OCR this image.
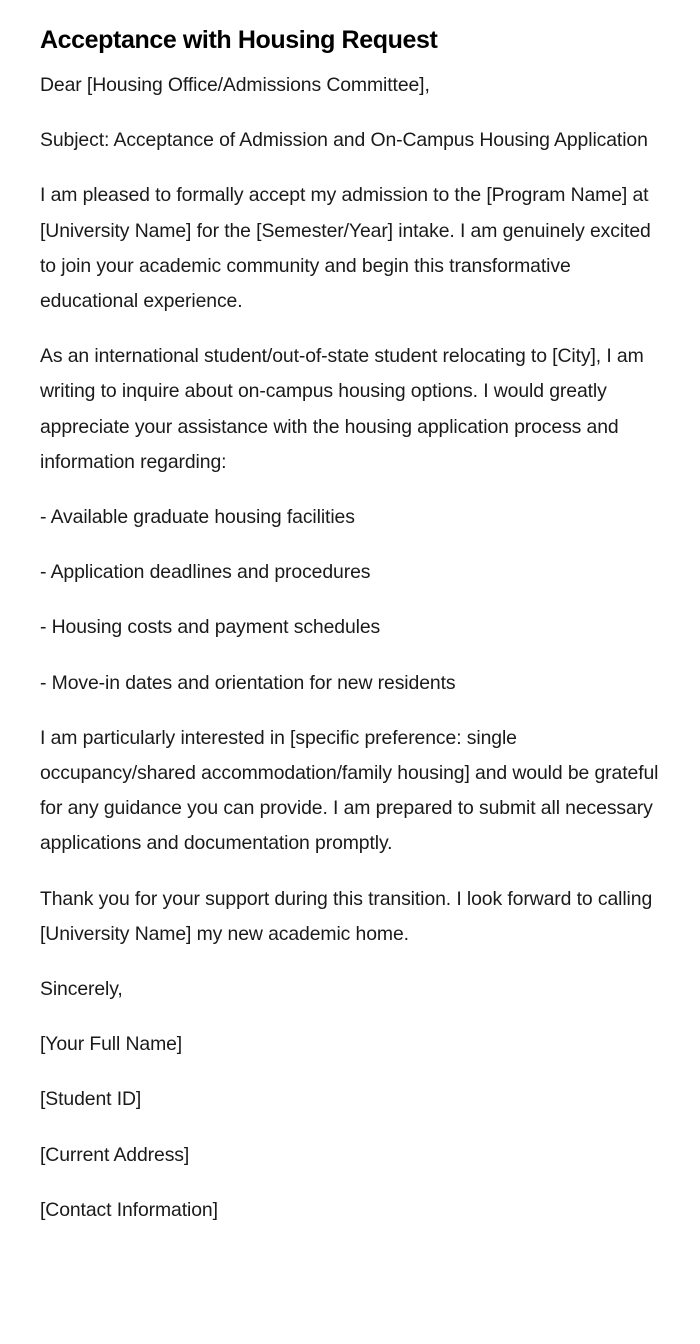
Acceptance with Housing Request

Dear [Housing Office/Admissions Committee],

Subject: Acceptance of Admission and On-Campus Housing Application

I am pleased to formally accept my admission to the [Program Name] at [University Name] for the [Semester/Year] intake. I am genuinely excited to join your academic community and begin this transformative educational experience.

As an international student/out-of-state student relocating to [City], I am writing to inquire about on-campus housing options. I would greatly appreciate your assistance with the housing application process and information regarding:

- Available graduate housing facilities

- Application deadlines and procedures

- Housing costs and payment schedules

- Move-in dates and orientation for new residents

I am particularly interested in [specific preference: single occupancy/shared accommodation/family housing] and would be grateful for any guidance you can provide. I am prepared to submit all necessary applications and documentation promptly.

Thank you for your support during this transition. I look forward to calling [University Name] my new academic home.

Sincerely,

[Your Full Name]

[Student ID]

[Current Address]

[Contact Information]
